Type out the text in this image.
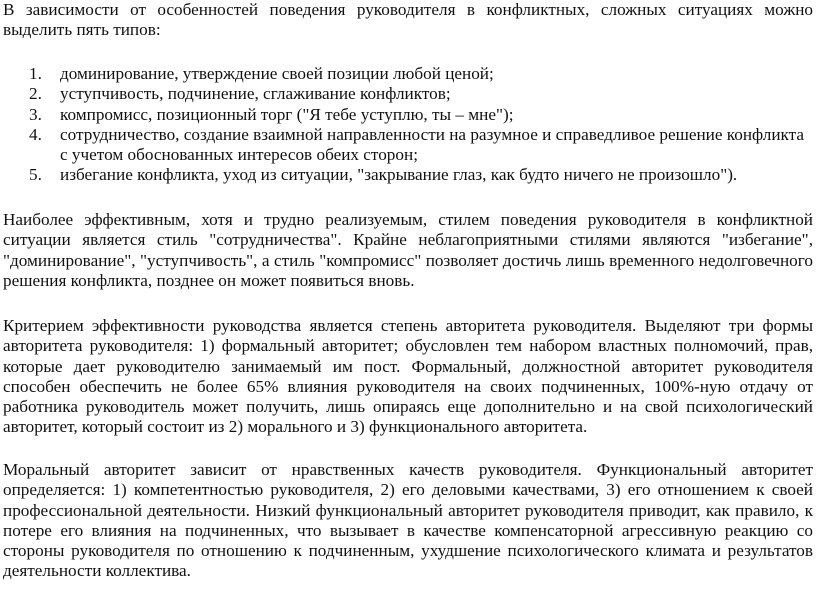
В зависимости от особенностей поведения руководителя в конфликтных, сложных ситуациях можно выделить пять типов:

1. доминирование, утверждение своей позиции любой ценой;
2. уступчивость, подчинение, сглаживание конфликтов;
3. компромисс, позиционный торг ("Я тебе уступлю, ты – мне");
4. сотрудничество, создание взаимной направленности на разумное и справедливое решение конфликта с учетом обоснованных интересов обеих сторон;
5. избегание конфликта, уход из ситуации, "закрывание глаз, как будто ничего не произошло").

Наиболее эффективным, хотя и трудно реализуемым, стилем поведения руководителя в конфликтной ситуации является стиль "сотрудничества". Крайне неблагоприятными стилями являются "избегание", "доминирование", "уступчивость", а стиль "компромисс" позволяет достичь лишь временного недолговечного решения конфликта, позднее он может появиться вновь.

Критерием эффективности руководства является степень авторитета руководителя. Выделяют три формы авторитета руководителя: 1) формальный авторитет; обусловлен тем набором властных полномочий, прав, которые дает руководителю занимаемый им пост. Формальный, должностной авторитет руководителя способен обеспечить не более 65% влияния руководителя на своих подчиненных, 100%-ную отдачу от работника руководитель может получить, лишь опираясь еще дополнительно и на свой психологический авторитет, который состоит из 2) морального и 3) функционального авторитета.

Моральный авторитет зависит от нравственных качеств руководителя. Функциональный авторитет определяется: 1) компетентностью руководителя, 2) его деловыми качествами, 3) его отношением к своей профессиональной деятельности. Низкий функциональный авторитет руководителя приводит, как правило, к потере его влияния на подчиненных, что вызывает в качестве компенсаторной агрессивную реакцию со стороны руководителя по отношению к подчиненным, ухудшение психологического климата и результатов деятельности коллектива.
